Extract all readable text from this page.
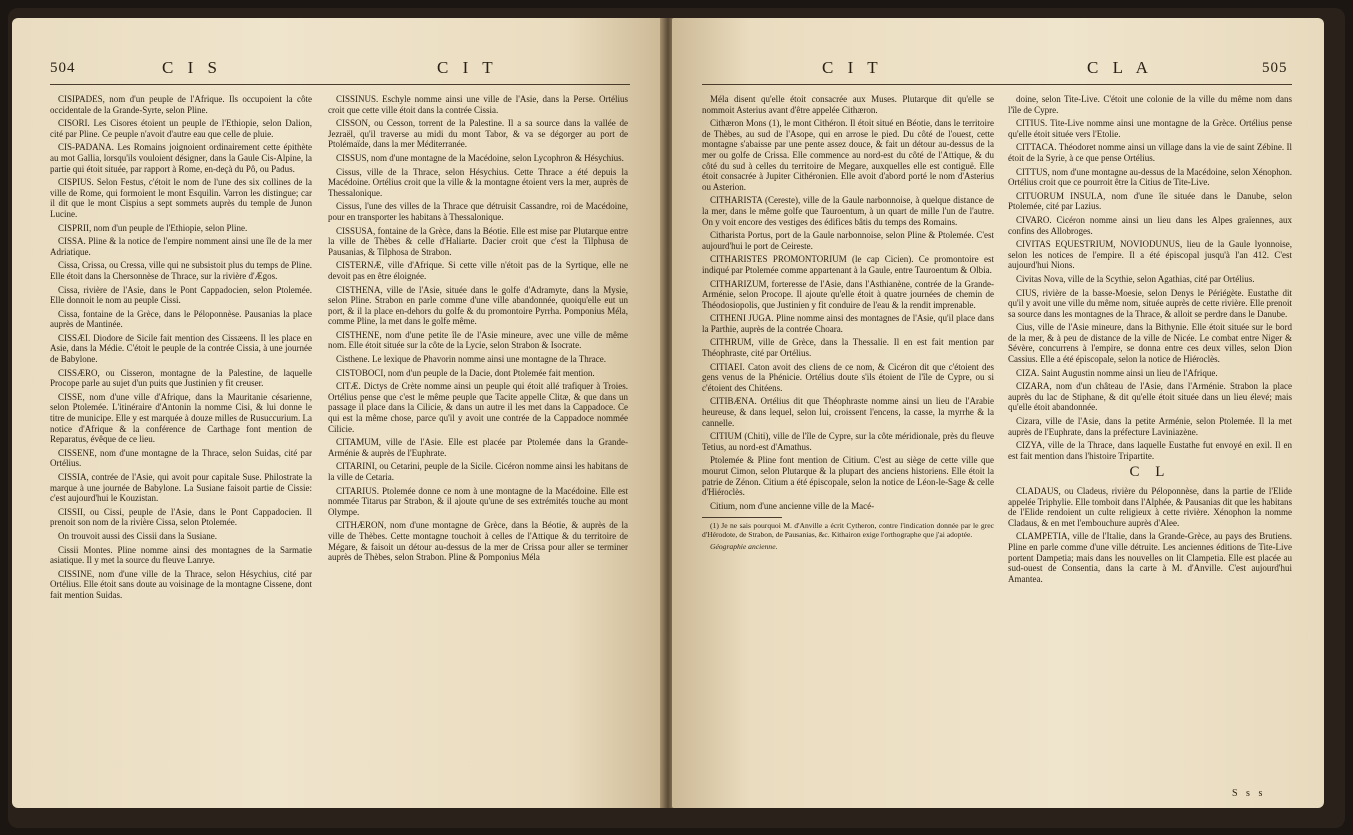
504	C I S	C I T

CISIPADES, nom d'un peuple de l'Afrique. Ils occupoient la côte occidentale de la Grande-Syrte, selon Pline.

CISORI. Les Cisores étoient un peuple de l'Ethiopie, selon Dalion, cité par Pline. Ce peuple n'avoit d'autre eau que celle de pluie.

CIS-PADANA. Les Romains joignoient ordinairement cette épithète au mot Gallia, lorsqu'ils vouloient désigner, dans la Gaule Cis-Alpine, la partie qui étoit située, par rapport à Rome, en-deçà du Pô, ou Padus.

CISPIUS. Selon Festus, c'étoit le nom de l'une des six collines de la ville de Rome, qui formoient le mont Esquilin. Varron les distingue; car il dit que le mont Cispius a sept sommets auprès du temple de Junon Lucine.

CISPRII, nom d'un peuple de l'Ethiopie, selon Pline.

CISSA. Pline & la notice de l'empire nomment ainsi une île de la mer Adriatique.

Cissa, Crissa, ou Cressa, ville qui ne subsistoit plus du temps de Pline. Elle étoit dans la Chersonnèse de Thrace, sur la rivière d'Ægos.

Cissa, rivière de l'Asie, dans le Pont Cappadocien, selon Ptolemée. Elle donnoit le nom au peuple Cissi.

Cissa, fontaine de la Grèce, dans le Péloponnèse. Pausanias la place auprès de Mantinée.

CISSÆI. Diodore de Sicile fait mention des Cissæens. Il les place en Asie, dans la Médie. C'étoit le peuple de la contrée Cissia, à une journée de Babylone.

CISSÆRO, ou Cisseron, montagne de la Palestine, de laquelle Procope parle au sujet d'un puits que Justinien y fit creuser.

CISSE, nom d'une ville d'Afrique, dans la Mauritanie césarienne, selon Ptolemée. L'itinéraire d'Antonin la nomme Cisi, & lui donne le titre de municipe. Elle y est marquée à douze milles de Rusuccurium. La notice d'Afrique & la conférence de Carthage font mention de Reparatus, évêque de ce lieu.

CISSENE, nom d'une montagne de la Thrace, selon Suidas, cité par Ortélius.

CISSIA, contrée de l'Asie, qui avoit pour capitale Suse. Philostrate la marque à une journée de Babylone. La Susiane faisoit partie de Cissie: c'est aujourd'hui le Kouzistan.

CISSII, ou Cissi, peuple de l'Asie, dans le Pont Cappadocien. Il prenoit son nom de la rivière Cissa, selon Ptolemée.

On trouvoit aussi des Cissii dans la Susiane.

Cissii Montes. Pline nomme ainsi des montagnes de la Sarmatie asiatique. Il y met la source du fleuve Lanrye.

CISSINE, nom d'une ville de la Thrace, selon Hésychius, cité par Ortélius. Elle étoit sans doute au voisinage de la montagne Cissene, dont fait mention Suidas.

CISSINUS. Eschyle nomme ainsi une ville de l'Asie, dans la Perse. Ortélius croit que cette ville étoit dans la contrée Cissia.

CISSON, ou Cesson, torrent de la Palestine. Il a sa source dans la vallée de Jezraël, qu'il traverse au midi du mont Tabor, & va se dégorger au port de Ptolémaïde, dans la mer Méditerranée.

CISSUS, nom d'une montagne de la Macédoine, selon Lycophron & Hésychius.

Cissus, ville de la Thrace, selon Hésychius. Cette Thrace a été depuis la Macédoine. Ortélius croit que la ville & la montagne étoient vers la mer, auprès de Thessalonique.

Cissus, l'une des villes de la Thrace que détruisit Cassandre, roi de Macédoine, pour en transporter les habitans à Thessalonique.

CISSUSA, fontaine de la Grèce, dans la Béotie. Elle est mise par Plutarque entre la ville de Thèbes & celle d'Haliarte. Dacier croit que c'est la Tilphusa de Pausanias, & Tilphosa de Strabon.

CISTERNÆ, ville d'Afrique. Si cette ville n'étoit pas de la Syrtique, elle ne devoit pas en être éloignée.

CISTHENA, ville de l'Asie, située dans le golfe d'Adramyte, dans la Mysie, selon Pline. Strabon en parle comme d'une ville abandonnée, quoiqu'elle eut un port, & il la place en-dehors du golfe & du promontoire Pyrrha. Pomponius Méla, comme Pline, la met dans le golfe même.

CISTHENE, nom d'une petite île de l'Asie mineure, avec une ville de même nom. Elle étoit située sur la côte de la Lycie, selon Strabon & Isocrate.

Cisthene. Le lexique de Phavorin nomme ainsi une montagne de la Thrace.

CISTOBOCI, nom d'un peuple de la Dacie, dont Ptolemée fait mention.

CITÆ. Dictys de Crète nomme ainsi un peuple qui étoit allé trafiquer à Troies. Ortélius pense que c'est le même peuple que Tacite appelle Clitæ, & que dans un passage il place dans la Cilicie, & dans un autre il les met dans la Cappadoce. Ce qui est la même chose, parce qu'il y avoit une contrée de la Cappadoce nommée Cilicie.

CITAMUM, ville de l'Asie. Elle est placée par Ptolemée dans la Grande-Arménie & auprès de l'Euphrate.

CITARINI, ou Cetarini, peuple de la Sicile. Cicéron nomme ainsi les habitans de la ville de Cetaria.

CITARIUS. Ptolemée donne ce nom à une montagne de la Macédoine. Elle est nommée Titarus par Strabon, & il ajoute qu'une de ses extrémités touche au mont Olympe.

CITHÆRON, nom d'une montagne de Grèce, dans la Béotie, & auprès de la ville de Thèbes. Cette montagne touchoit à celles de l'Attique & du territoire de Mégare, & faisoit un détour au-dessus de la mer de Crissa pour aller se terminer auprès de Thèbes, selon Strabon. Pline & Pomponius Méla

C I T	C L A	505

Méla disent qu'elle étoit consacrée aux Muses. Plutarque dit qu'elle se nommoit Asterius avant d'être appelée Cithæron.

Cithæron Mons (1), le mont Cithéron. Il étoit situé en Béotie, dans le territoire de Thèbes, au sud de l'Asope, qui en arrose le pied. Du côté de l'ouest, cette montagne s'abaisse par une pente assez douce, & fait un détour au-dessus de la mer ou golfe de Crissa. Elle commence au nord-est du côté de l'Attique, & du côté du sud à celles du territoire de Megare, auxquelles elle est contiguë. Elle étoit consacrée à Jupiter Cithéronien. Elle avoit d'abord porté le nom d'Asterius ou Asterion.

CITHARISTA (Cereste), ville de la Gaule narbonnoise, à quelque distance de la mer, dans le même golfe que Tauroentum, à un quart de mille l'un de l'autre. On y voit encore des vestiges des édifices bâtis du temps des Romains.

Citharista Portus, port de la Gaule narbonnoise, selon Pline & Ptolemée. C'est aujourd'hui le port de Ceireste.

CITHARISTES PROMONTORIUM (le cap Cicien). Ce promontoire est indiqué par Ptolemée comme appartenant à la Gaule, entre Tauroentum & Olbia.

CITHARIZUM, forteresse de l'Asie, dans l'Asthianène, contrée de la Grande-Arménie, selon Procope. Il ajoute qu'elle étoit à quatre journées de chemin de Théodosiopolis, que Justinien y fit conduire de l'eau & la rendit imprenable.

CITHENI JUGA. Pline nomme ainsi des montagnes de l'Asie, qu'il place dans la Parthie, auprès de la contrée Choara.

CITHRUM, ville de Grèce, dans la Thessalie. Il en est fait mention par Théophraste, cité par Ortélius.

CITIAEI. Caton avoit des cliens de ce nom, & Cicéron dit que c'étoient des gens venus de la Phénicie. Ortélius doute s'ils étoient de l'île de Cypre, ou si c'étoient des Chitéens.

CITIBÆNA. Ortélius dit que Théophraste nomme ainsi un lieu de l'Arabie heureuse, & dans lequel, selon lui, croissent l'encens, la casse, la myrrhe & la cannelle.

CITIUM (Chiti), ville de l'île de Cypre, sur la côte méridionale, près du fleuve Tetius, au nord-est d'Amathus.

Ptolemée & Pline font mention de Citium. C'est au siège de cette ville que mourut Cimon, selon Plutarque & la plupart des anciens historiens. Elle étoit la patrie de Zénon. Citium a été épiscopale, selon la notice de Léon-le-Sage & celle d'Hiéroclès.

Citium, nom d'une ancienne ville de la Macé-

(1) Je ne sais pourquoi M. d'Anville a écrit Cytheron, contre l'indication donnée par le grec d'Hérodote, de Strabon, de Pausanias, &c. Kithairon exige l'orthographe que j'ai adoptée.

Géographie ancienne.

doine, selon Tite-Live. C'étoit une colonie de la ville du même nom dans l'île de Cypre.

CITIUS. Tite-Live nomme ainsi une montagne de la Grèce. Ortélius pense qu'elle étoit située vers l'Etolie.

CITTACA. Théodoret nomme ainsi un village dans la vie de saint Zébine. Il étoit de la Syrie, à ce que pense Ortélius.

CITTUS, nom d'une montagne au-dessus de la Macédoine, selon Xénophon. Ortélius croit que ce pourroit être la Citius de Tite-Live.

CITUORUM INSULA, nom d'une île située dans le Danube, selon Ptolemée, cité par Lazius.

CIVARO. Cicéron nomme ainsi un lieu dans les Alpes graïennes, aux confins des Allobroges.

CIVITAS EQUESTRIUM, NOVIODUNUS, lieu de la Gaule lyonnoise, selon les notices de l'empire. Il a été épiscopal jusqu'à l'an 412. C'est aujourd'hui Nions.

Civitas Nova, ville de la Scythie, selon Agathias, cité par Ortélius.

CIUS, rivière de la basse-Moesie, selon Denys le Périégète. Eustathe dit qu'il y avoit une ville du même nom, située auprès de cette rivière. Elle prenoit sa source dans les montagnes de la Thrace, & alloit se perdre dans le Danube.

Cius, ville de l'Asie mineure, dans la Bithynie. Elle étoit située sur le bord de la mer, & à peu de distance de la ville de Nicée. Le combat entre Niger & Sévère, concurrens à l'empire, se donna entre ces deux villes, selon Dion Cassius. Elle a été épiscopale, selon la notice de Hiéroclès.

CIZA. Saint Augustin nomme ainsi un lieu de l'Afrique.

CIZARA, nom d'un château de l'Asie, dans l'Arménie. Strabon la place auprès du lac de Stiphane, & dit qu'elle étoit située dans un lieu élevé; mais qu'elle étoit abandonnée.

Cizara, ville de l'Asie, dans la petite Arménie, selon Ptolemée. Il la met auprès de l'Euphrate, dans la préfecture Laviniazène.

CIZYA, ville de la Thrace, dans laquelle Eustathe fut envoyé en exil. Il en est fait mention dans l'histoire Tripartite.

C L

CLADAUS, ou Cladeus, rivière du Péloponnèse, dans la partie de l'Elide appelée Triphylie. Elle tomboit dans l'Alphée, & Pausanias dit que les habitans de l'Elide rendoient un culte religieux à cette rivière. Xénophon la nomme Cladaus, & en met l'embouchure auprès d'Alee.

CLAMPETIA, ville de l'Italie, dans la Grande-Grèce, au pays des Brutiens. Pline en parle comme d'une ville détruite. Les anciennes éditions de Tite-Live portent Dampetia; mais dans les nouvelles on lit Clampetia. Elle est placée au sud-ouest de Consentia, dans la carte à M. d'Anville. C'est aujourd'hui Amantea.

S s s
